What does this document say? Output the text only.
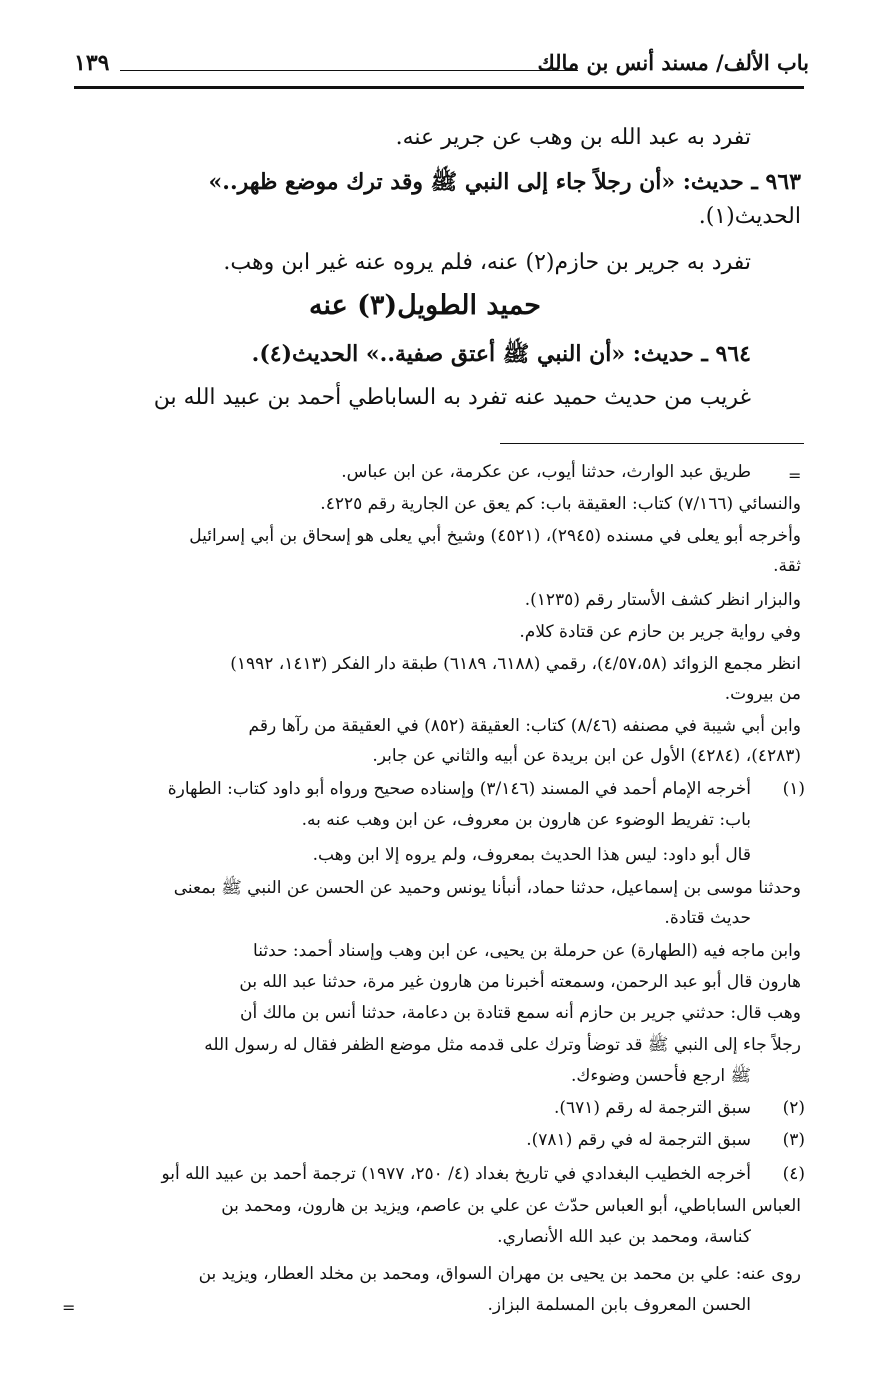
باب الألف/ مسند أنس بن مالك
١٣٩
تفرد به عبد الله بن وهب عن جرير عنه.
٩٦٣ ـ حديث: «أن رجلاً جاء إلى النبي ﷺ وقد ترك موضع ظهر..»
الحديث(١).
تفرد به جرير بن حازم(٢) عنه، فلم يروه عنه غير ابن وهب.
حميد الطويل(٣) عنه
٩٦٤ ـ حديث: «أن النبي ﷺ أعتق صفية..» الحديث(٤).
غريب من حديث حميد عنه تفرد به الساباطي أحمد بن عبيد الله بن
=
طريق عبد الوارث، حدثنا أيوب، عن عكرمة، عن ابن عباس.
والنسائي (٧/١٦٦) كتاب: العقيقة باب: كم يعق عن الجارية رقم ٤٢٢٥.
وأخرجه أبو يعلى في مسنده (٢٩٤٥)، (٤٥٢١) وشيخ أبي يعلى هو إسحاق بن أبي إسرائيل
ثقة.
والبزار انظر كشف الأستار رقم (١٢٣٥).
وفي رواية جرير بن حازم عن قتادة كلام.
انظر مجمع الزوائد (٤/٥٧،٥٨)، رقمي (٦١٨٨، ٦١٨٩) طبقة دار الفكر (١٤١٣، ١٩٩٢)
من بيروت.
وابن أبي شيبة في مصنفه (٨/٤٦) كتاب: العقيقة (٨٥٢) في العقيقة من رآها رقم
(٤٢٨٣)، (٤٢٨٤) الأول عن ابن بريدة عن أبيه والثاني عن جابر.
(١)
أخرجه الإمام أحمد في المسند (٣/١٤٦) وإسناده صحيح ورواه أبو داود كتاب: الطهارة
باب: تفريط الوضوء عن هارون بن معروف، عن ابن وهب عنه به.
قال أبو داود: ليس هذا الحديث بمعروف، ولم يروه إلا ابن وهب.
وحدثنا موسى بن إسماعيل، حدثنا حماد، أنبأنا يونس وحميد عن الحسن عن النبي ﷺ بمعنى
حديث قتادة.
وابن ماجه فيه (الطهارة) عن حرملة بن يحيى، عن ابن وهب وإسناد أحمد: حدثنا
هارون قال أبو عبد الرحمن، وسمعته أخبرنا من هارون غير مرة، حدثنا عبد الله بن
وهب قال: حدثني جرير بن حازم أنه سمع قتادة بن دعامة، حدثنا أنس بن مالك أن
رجلاً جاء إلى النبي ﷺ قد توضأ وترك على قدمه مثل موضع الظفر فقال له رسول الله
ﷺ ارجع فأحسن وضوءك.
(٢)
سبق الترجمة له رقم (٦٧١).
(٣)
سبق الترجمة له في رقم (٧٨١).
(٤)
أخرجه الخطيب البغدادي في تاريخ بغداد (٤/ ٢٥٠، ١٩٧٧) ترجمة أحمد بن عبيد الله أبو
العباس الساباطي، أبو العباس حدّث عن علي بن عاصم، ويزيد بن هارون، ومحمد بن
كناسة، ومحمد بن عبد الله الأنصاري.
روى عنه: علي بن محمد بن يحيى بن مهران السواق، ومحمد بن مخلد العطار، ويزيد بن
الحسن المعروف بابن المسلمة البزاز.
=
